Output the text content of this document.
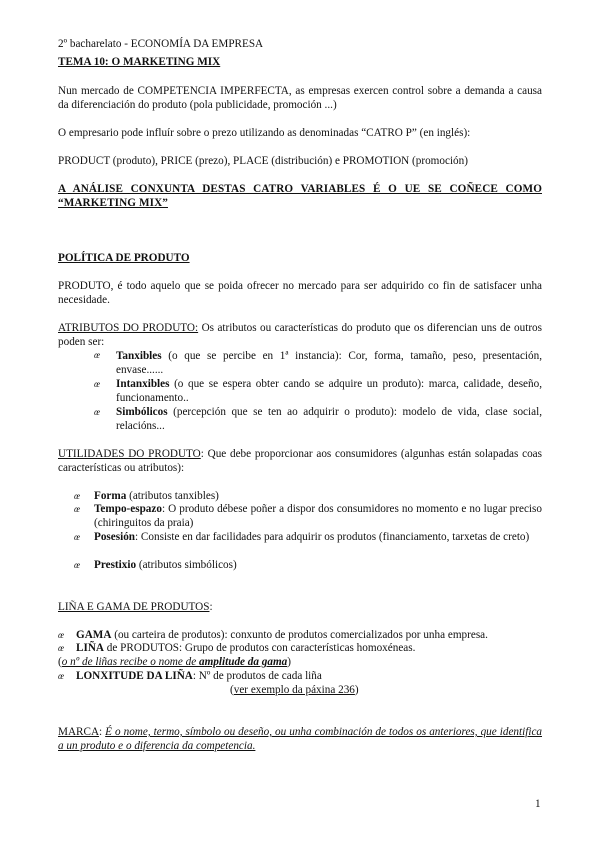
2º bacharelato - ECONOMÍA DA EMPRESA
TEMA 10: O MARKETING MIX
Nun mercado de COMPETENCIA IMPERFECTA, as empresas exercen control sobre a demanda a causa da diferenciación do produto (pola publicidade, promoción ...)
O empresario pode influír sobre o prezo utilizando as denominadas “CATRO P” (en inglés):
PRODUCT (produto), PRICE (prezo), PLACE (distribución) e PROMOTION (promoción)
A ANÁLISE CONXUNTA DESTAS CATRO VARIABLES É O UE SE COÑECE COMO “MARKETING MIX”
POLÍTICA DE PRODUTO
PRODUTO, é todo aquelo que se poida ofrecer no mercado para ser adquirido co fin de satisfacer unha necesidade.
ATRIBUTOS DO PRODUTO: Os atributos ou características do produto que os diferencian uns de outros poden ser:
œ	Tanxibles (o que se percibe en 1ª instancia): Cor, forma, tamaño, peso, presentación, envase......
œ	Intanxibles (o que se espera obter cando se adquire un produto): marca, calidade, deseño, funcionamento..
œ	Simbólicos (percepción que se ten ao adquirir o produto): modelo de vida, clase social, relacións...
UTILIDADES DO PRODUTO: Que debe proporcionar aos consumidores (algunhas están solapadas coas características ou atributos):
œ	Forma (atributos tanxibles)
œ	Tempo-espazo: O produto débese poñer a dispor dos consumidores no momento e no lugar preciso (chiringuitos da praia)
œ	Posesión: Consiste en dar facilidades para adquirir os produtos (financiamento, tarxetas de creto)
œ	Prestixio (atributos simbólicos)
LIÑA E GAMA DE PRODUTOS:
œ GAMA (ou carteira de produtos): conxunto de produtos comercializados por unha empresa.
œ LIÑA de PRODUTOS: Grupo de produtos con características homoxéneas.
(o nº de liñas recibe o nome de amplitude da gama)
œ LONXITUDE DA LIÑA: Nº de produtos de cada liña
(ver exemplo da páxina 236)
MARCA: É o nome, termo, símbolo ou deseño, ou unha combinación de todos os anteriores, que identifica a un produto e o diferencia da competencia.
1
